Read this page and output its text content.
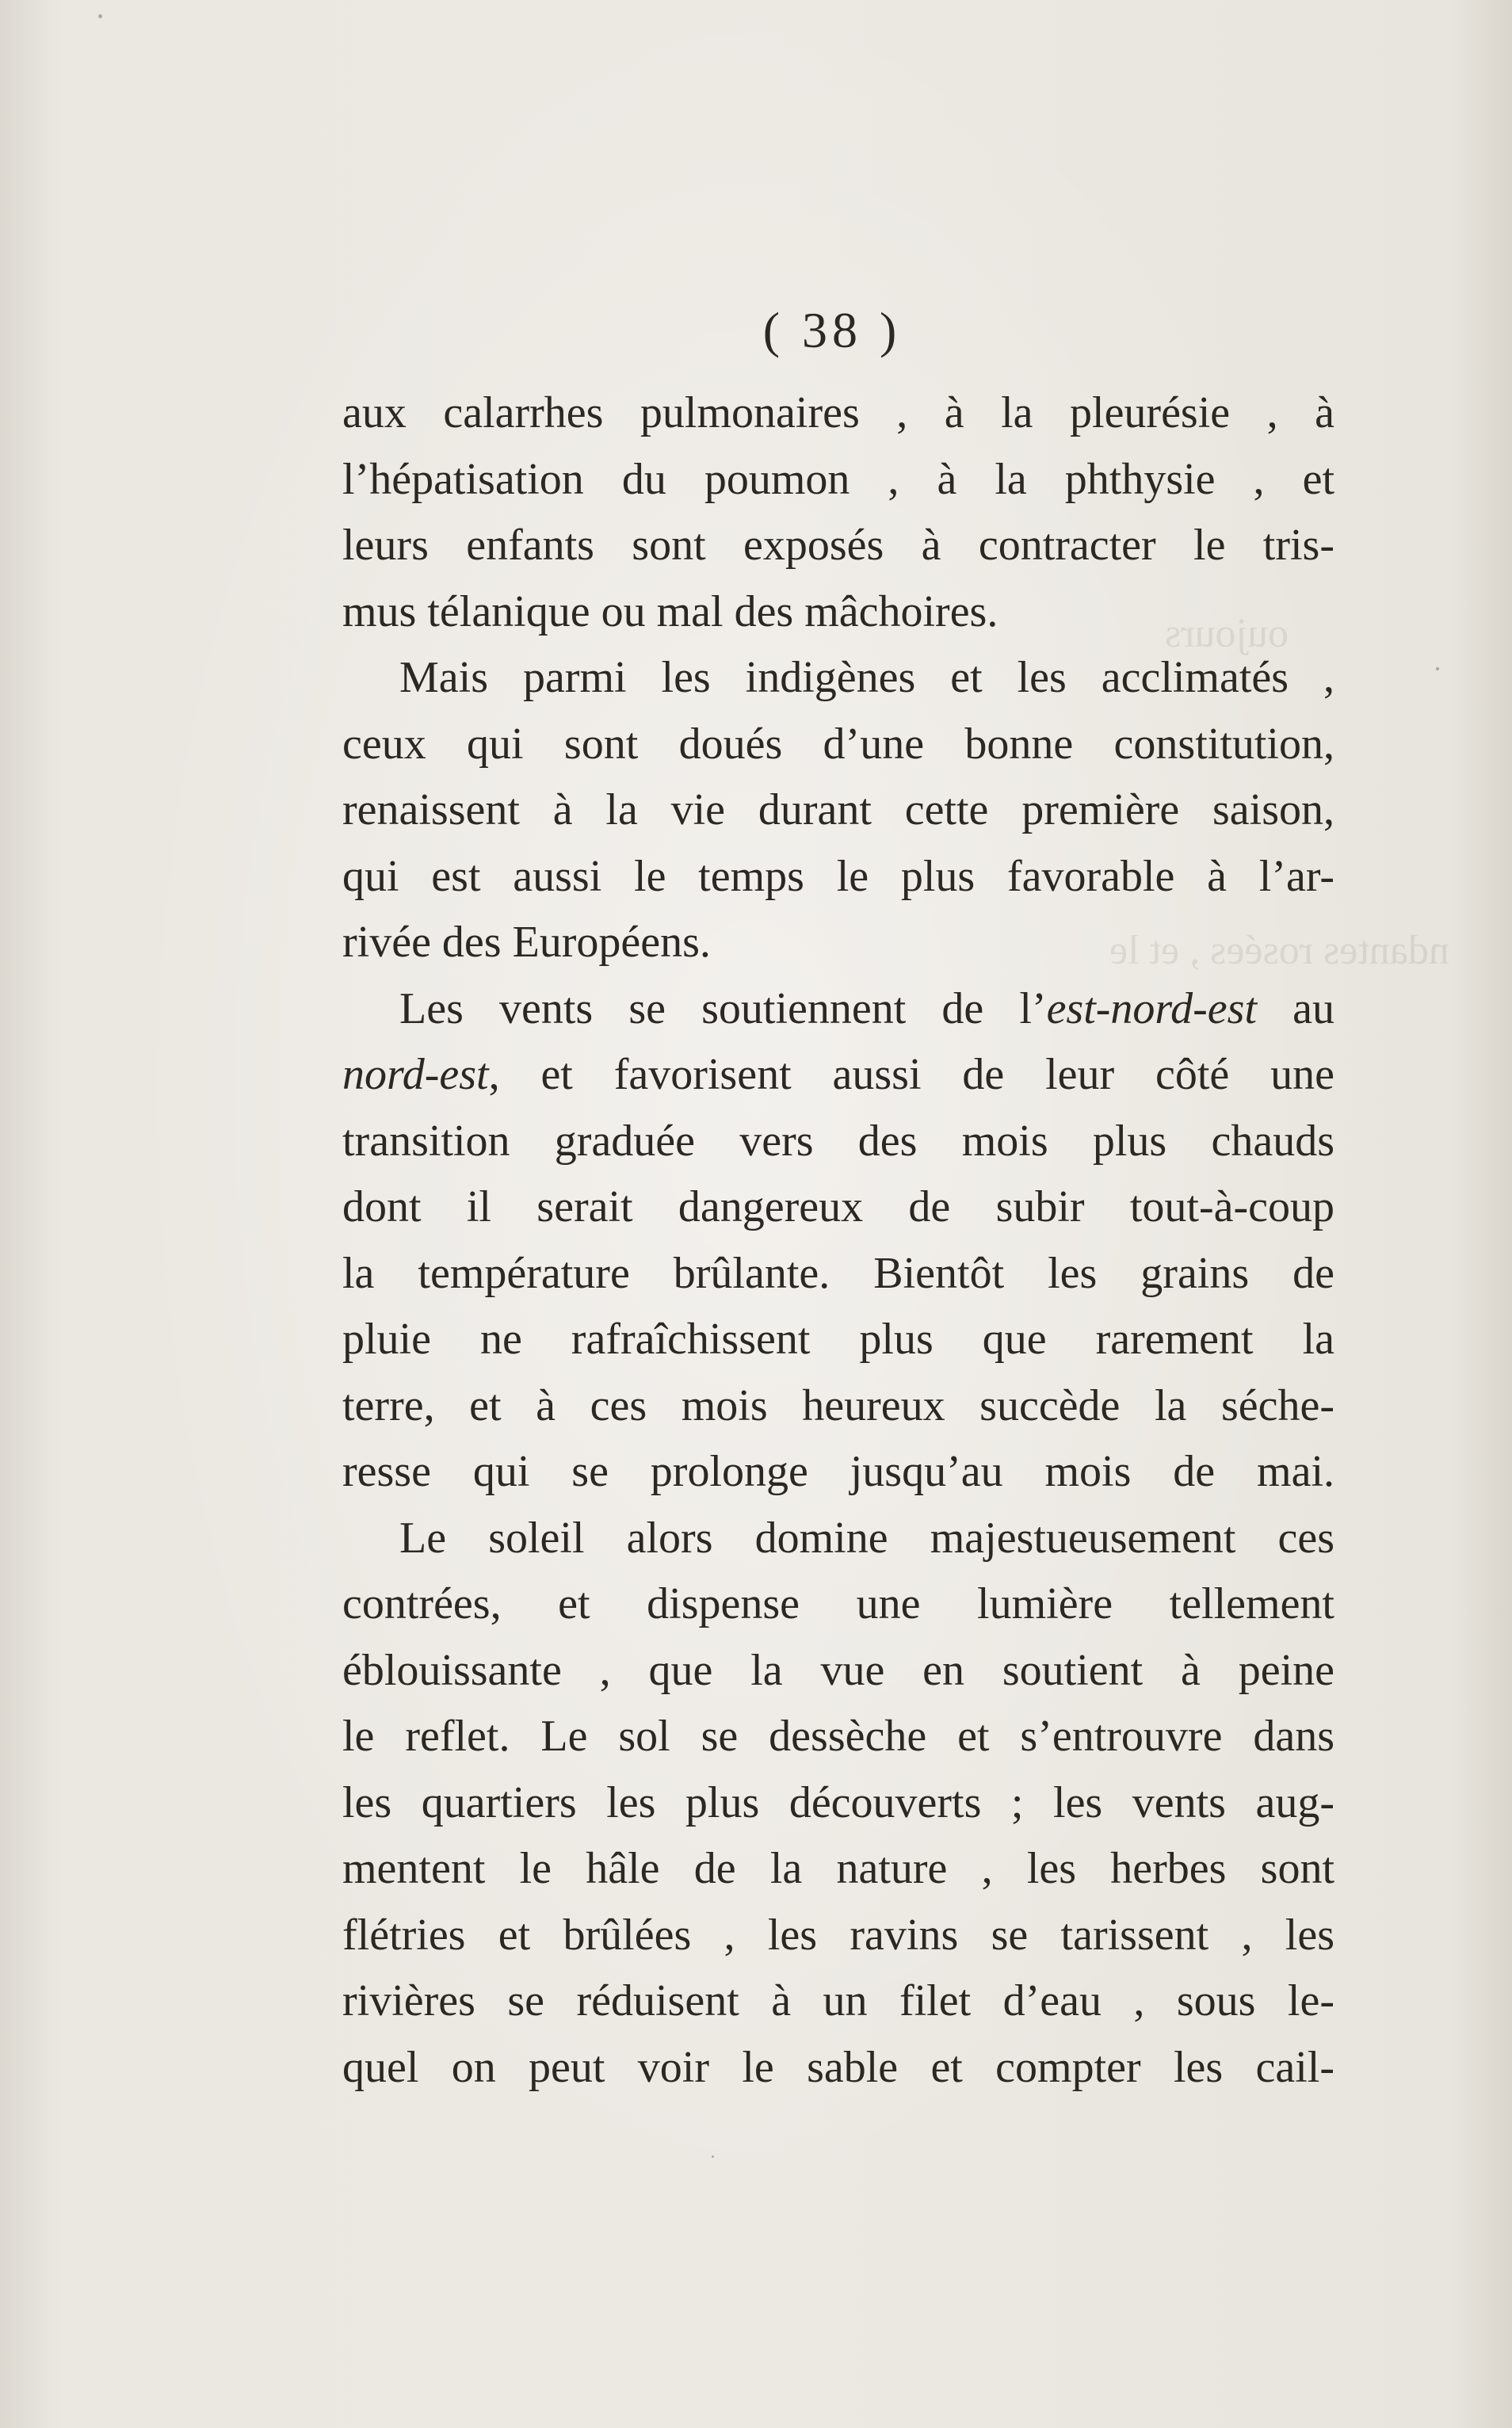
oujours
ndantes rosées , et le
( 38 )
aux calarrhes pulmonaires , à la pleurésie , à
l’hépatisation du poumon , à la phthysie , et
leurs enfants sont exposés à contracter le tris-
mus télanique ou mal des mâchoires.
Mais parmi les indigènes et les acclimatés ,
ceux qui sont doués d’une bonne constitution,
renaissent à la vie durant cette première saison,
qui est aussi le temps le plus favorable à l’ar-
rivée des Européens.
Les vents se soutiennent de l’est-nord-est au
nord-est, et favorisent aussi de leur côté une
transition graduée vers des mois plus chauds
dont il serait dangereux de subir tout-à-coup
la température brûlante. Bientôt les grains de
pluie ne rafraîchissent plus que rarement la
terre, et à ces mois heureux succède la séche-
resse qui se prolonge jusqu’au mois de mai.
Le soleil alors domine majestueusement ces
contrées, et dispense une lumière tellement
éblouissante , que la vue en soutient à peine
le reflet. Le sol se dessèche et s’entrouvre dans
les quartiers les plus découverts ; les vents aug-
mentent le hâle de la nature , les herbes sont
flétries et brûlées , les ravins se tarissent , les
rivières se réduisent à un filet d’eau , sous le-
quel on peut voir le sable et compter les cail-
